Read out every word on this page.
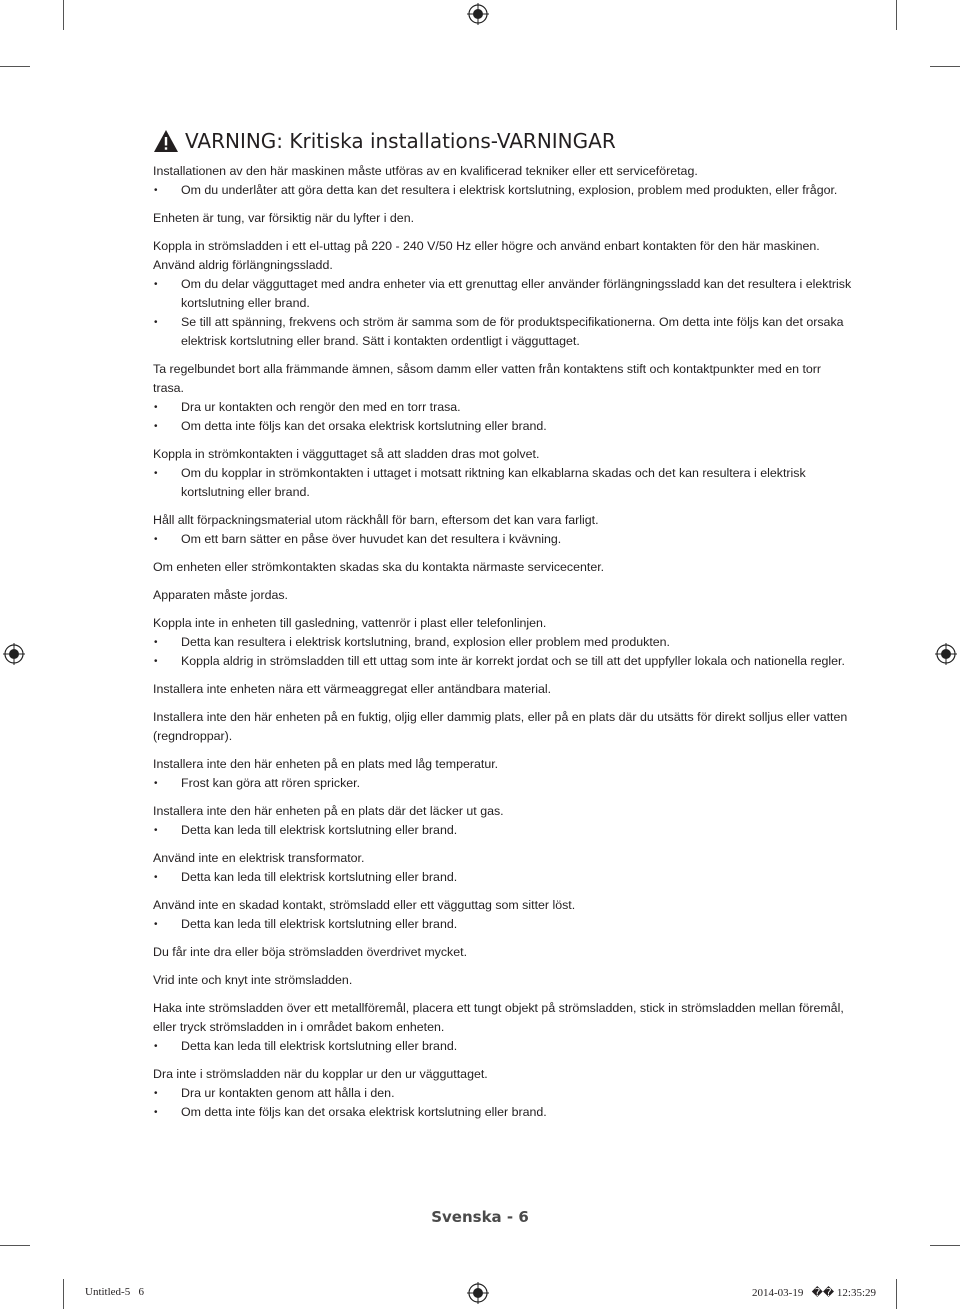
VARNING: Kritiska installations-VARNINGAR

Installationen av den här maskinen måste utföras av en kvalificerad tekniker eller ett serviceföretag.

• Om du underlåter att göra detta kan det resultera i elektrisk kortslutning, explosion, problem med produkten, eller frågor.

Enheten är tung, var försiktig när du lyfter i den.

Koppla in strömsladden i ett el-uttag på 220 - 240 V/50 Hz eller högre och använd enbart kontakten för den här maskinen. Använd aldrig förlängningssladd.

• Om du delar vägguttaget med andra enheter via ett grenuttag eller använder förlängningssladd kan det resultera i elektrisk kortslutning eller brand.

• Se till att spänning, frekvens och ström är samma som de för produktspecifikationerna. Om detta inte följs kan det orsaka elektrisk kortslutning eller brand. Sätt i kontakten ordentligt i vägguttaget.

Ta regelbundet bort alla främmande ämnen, såsom damm eller vatten från kontaktens stift och kontaktpunkter med en torr trasa.

• Dra ur kontakten och rengör den med en torr trasa.

• Om detta inte följs kan det orsaka elektrisk kortslutning eller brand.

Koppla in strömkontakten i vägguttaget så att sladden dras mot golvet.

• Om du kopplar in strömkontakten i uttaget i motsatt riktning kan elkablarna skadas och det kan resultera i elektrisk kortslutning eller brand.

Håll allt förpackningsmaterial utom räckhåll för barn, eftersom det kan vara farligt.

• Om ett barn sätter en påse över huvudet kan det resultera i kvävning.

Om enheten eller strömkontakten skadas ska du kontakta närmaste servicecenter.

Apparaten måste jordas.

Koppla inte in enheten till gasledning, vattenrör i plast eller telefonlinjen.

• Detta kan resultera i elektrisk kortslutning, brand, explosion eller problem med produkten.

• Koppla aldrig in strömsladden till ett uttag som inte är korrekt jordat och se till att det uppfyller lokala och nationella regler.

Installera inte enheten nära ett värmeaggregat eller antändbara material.

Installera inte den här enheten på en fuktig, oljig eller dammig plats, eller på en plats där du utsätts för direkt solljus eller vatten (regndroppar).

Installera inte den här enheten på en plats med låg temperatur.

• Frost kan göra att rören spricker.

Installera inte den här enheten på en plats där det läcker ut gas.

• Detta kan leda till elektrisk kortslutning eller brand.

Använd inte en elektrisk transformator.

• Detta kan leda till elektrisk kortslutning eller brand.

Använd inte en skadad kontakt, strömsladd eller ett vägguttag som sitter löst.

• Detta kan leda till elektrisk kortslutning eller brand.

Du får inte dra eller böja strömsladden överdrivet mycket.

Vrid inte och knyt inte strömsladden.

Haka inte strömsladden över ett metallföremål, placera ett tungt objekt på strömsladden, stick in strömsladden mellan föremål, eller tryck strömsladden in i området bakom enheten.

• Detta kan leda till elektrisk kortslutning eller brand.

Dra inte i strömsladden när du kopplar ur den ur vägguttaget.

• Dra ur kontakten genom att hålla i den.

• Om detta inte följs kan det orsaka elektrisk kortslutning eller brand.

Svenska - 6
Untitled-5   6	2014-03-19   �� 12:35:29
